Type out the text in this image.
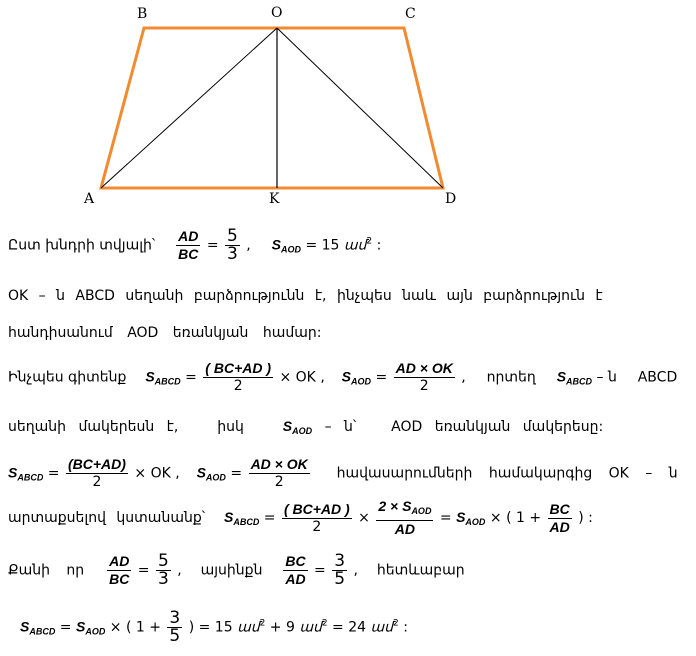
B	O	C
A	K	D
Ըստ խնդրի տվյալի՝ $\frac{AD}{BC} = \frac{5}{3}$ , $S_{AOD} = 15$ ամ$^2$ :
OK – ն ABCD սեղանի բարձրությունն է, ինչպես նաև այն բարձրություն է
հանդիսանում AOD եռանկյան համար:
Ինչպես գիտենք $S_{ABCD} = \frac{( BC+AD )}{2}$ × OK , $S_{AOD} = \frac{AD \times OK}{2}$ , որտեղ $S_{ABCD}$ – ն ABCD
սեղանի մակերեսն է,	իսկ	$S_{AOD}$ – ն՝ AOD եռանկյան մակերեսը:
$S_{ABCD} = \frac{(BC+AD)}{2}$ × OK , $S_{AOD} = \frac{AD \times OK}{2}$ հավասարումների համակարգից OK – ն
արտաքսելով կստանանք՝ $S_{ABCD} = \frac{( BC+AD )}{2} \times \frac{2 \times S_{AOD}}{AD} = S_{AOD}$ × ( $1 + \frac{BC}{AD}$ ) :
Քանի որ $\frac{AD}{BC} = \frac{5}{3}$ , այսինքն $\frac{BC}{AD} = \frac{3}{5}$ , հետևաբար
$S_{ABCD} = S_{AOD}$ × ( $1 + \frac{3}{5}$ ) = 15 ամ$^2$ + 9 ամ$^2$ = 24 ամ$^2$ :
